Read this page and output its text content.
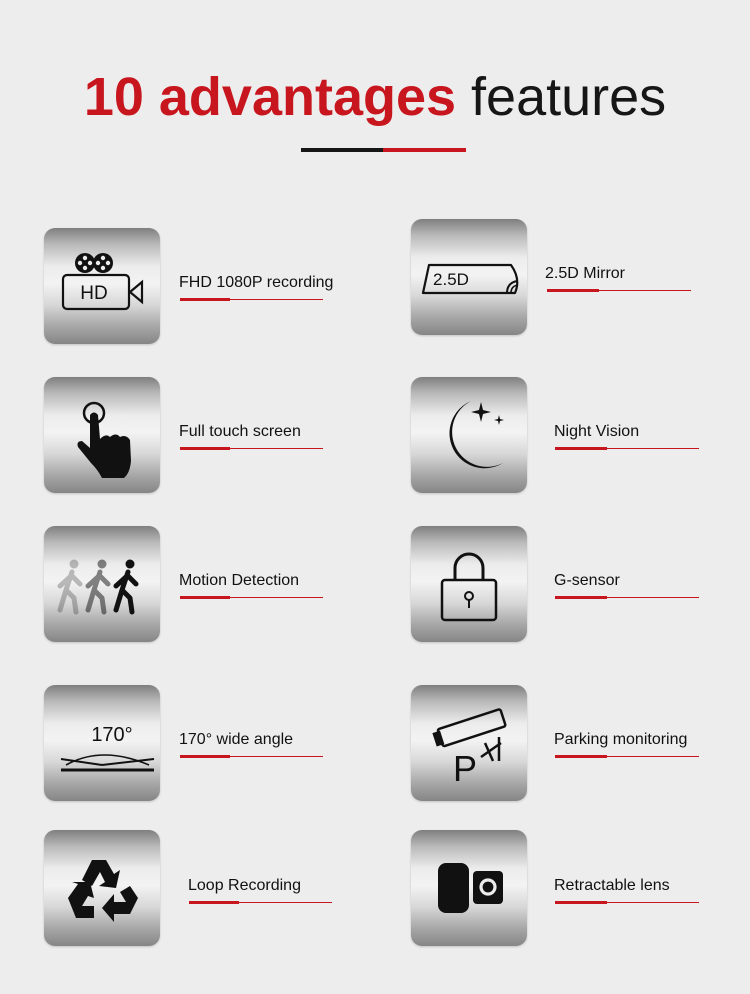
10 advantages features
HD
FHD 1080P recording	2.5D	2.5D Mirror
Full touch screen	Night Vision
Motion Detection	G-sensor
170°	170° wide angle
P
Parking monitoring
Loop Recording	Retractable lens
